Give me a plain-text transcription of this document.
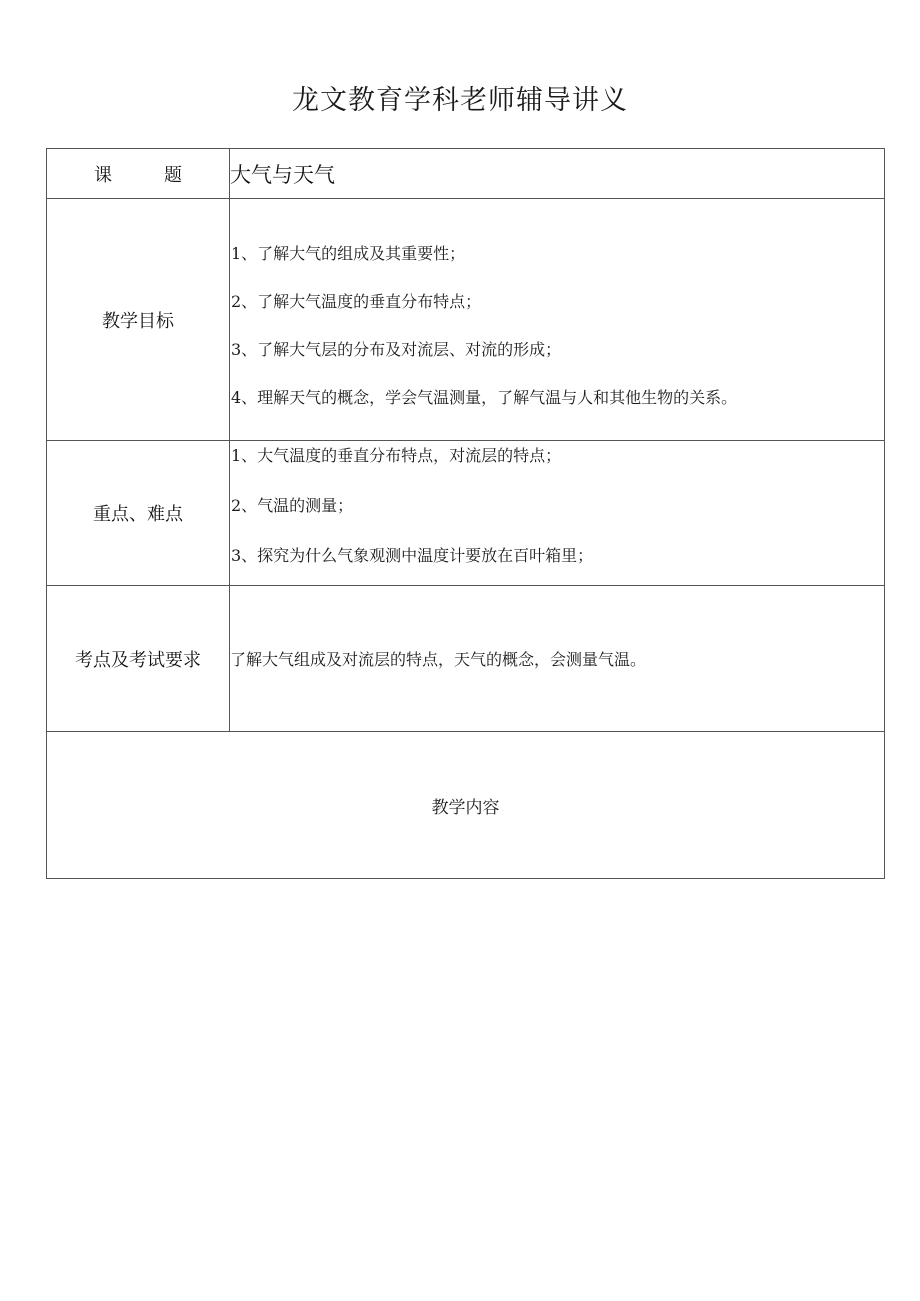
龙文教育学科老师辅导讲义
课 题	大气与天气
教学目标	1、了解大气的组成及其重要性；
2、了解大气温度的垂直分布特点；
3、了解大气层的分布及对流层、对流的形成；
4、理解天气的概念，学会气温测量，了解气温与人和其他生物的关系。

重点、难点	1、大气温度的垂直分布特点，对流层的特点；
2、气温的测量；
3、探究为什么气象观测中温度计要放在百叶箱里；

考点及考试要求	了解大气组成及对流层的特点，天气的概念，会测量气温。
教学内容	
